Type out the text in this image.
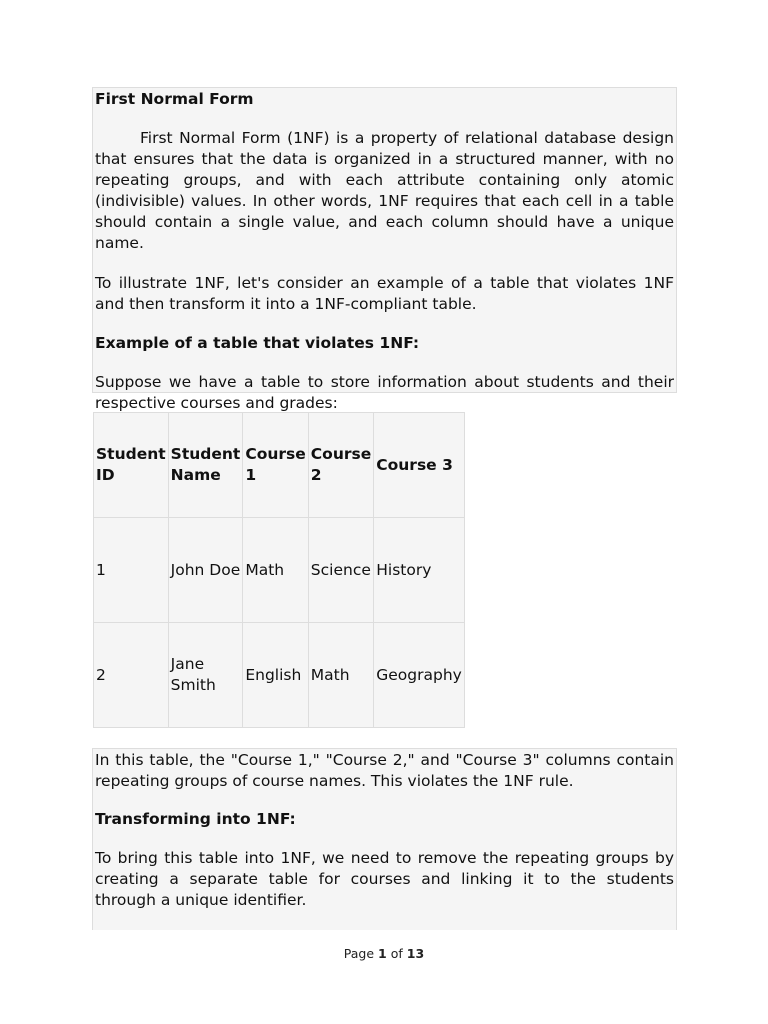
First Normal Form

First Normal Form (1NF) is a property of relational database design that ensures that the data is organized in a structured manner, with no repeating groups, and with each attribute containing only atomic (indivisible) values. In other words, 1NF requires that each cell in a table should contain a single value, and each column should have a unique name.

To illustrate 1NF, let's consider an example of a table that violates 1NF and then transform it into a 1NF-compliant table.

Example of a table that violates 1NF:

Suppose we have a table to store information about students and their respective courses and grades:

Student ID	Student Name	Course 1	Course 2	Course 3
1	John Doe	Math	Science	History
2	Jane Smith	English	Math	Geography

In this table, the "Course 1," "Course 2," and "Course 3" columns contain repeating groups of course names. This violates the 1NF rule.

Transforming into 1NF:

To bring this table into 1NF, we need to remove the repeating groups by creating a separate table for courses and linking it to the students through a unique identifier.

Page 1 of 13
